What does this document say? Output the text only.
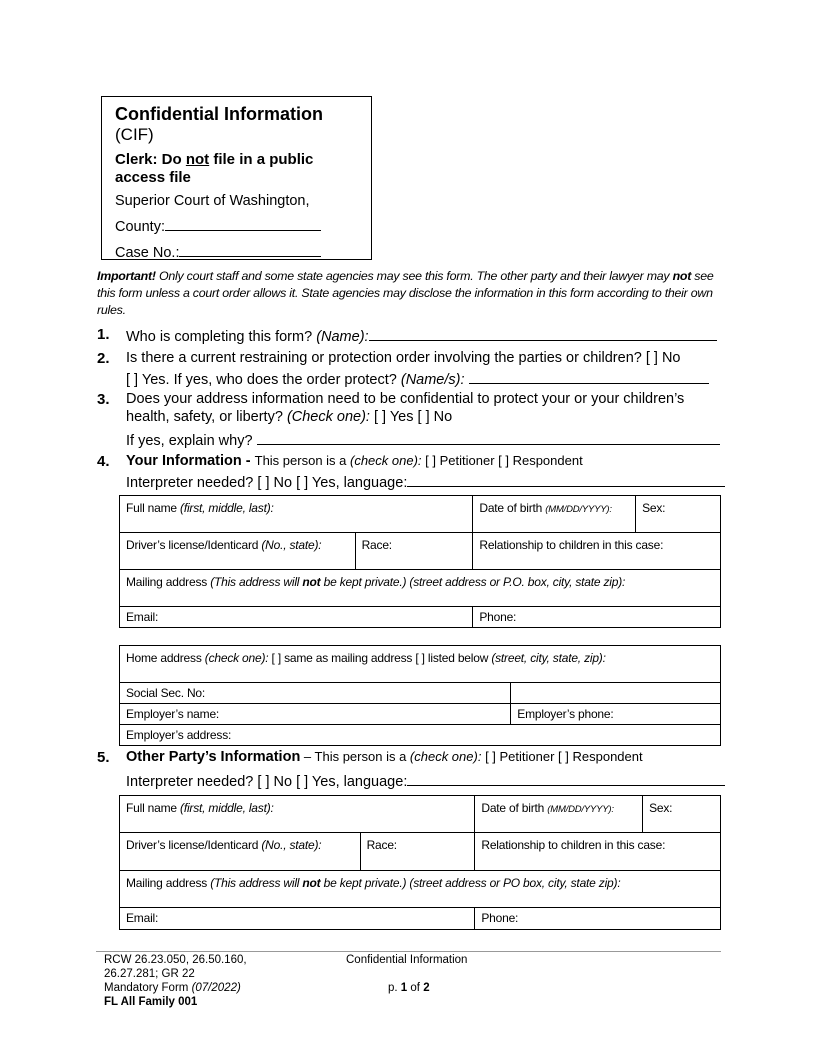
Confidential Information
(CIF)
Clerk: Do not file in a public access file
Superior Court of Washington,
County:
Case No.:
Important! Only court staff and some state agencies may see this form. The other party and their lawyer may not see this form unless a court order allows it. State agencies may disclose the information in this form according to their own rules.
1. Who is completing this form? (Name):
2. Is there a current restraining or protection order involving the parties or children? [ ] No
[ ] Yes. If yes, who does the order protect? (Name/s):
3. Does your address information need to be confidential to protect your or your children’s
health, safety, or liberty? (Check one): [ ] Yes [ ] No
If yes, explain why?
4. Your Information - This person is a (check one): [ ] Petitioner [ ] Respondent
Interpreter needed? [ ] No [ ] Yes, language:
Full name (first, middle, last):		Date of birth (MM/DD/YYYY):	Sex:
Driver’s license/Identicard (No., state):	Race:	Relationship to children in this case:	
Mailing address (This address will not be kept private.) (street address or P.O. box, city, state zip):			
Email:		Phone:	
Home address (check one): [ ] same as mailing address [ ] listed below (street, city, state, zip):	
Social Sec. No:	
Employer’s name:	Employer’s phone:
Employer’s address:	
5. Other Party’s Information – This person is a (check one): [ ] Petitioner [ ] Respondent
Interpreter needed? [ ] No [ ] Yes, language:
Full name (first, middle, last):		Date of birth (MM/DD/YYYY):	Sex:
Driver’s license/Identicard (No., state):	Race:	Relationship to children in this case:	
Mailing address (This address will not be kept private.) (street address or PO box, city, state zip):			
Email:		Phone:	
RCW 26.23.050, 26.50.160,
26.27.281; GR 22
Mandatory Form (07/2022)
FL All Family 001
Confidential Information
p. 1 of 2
